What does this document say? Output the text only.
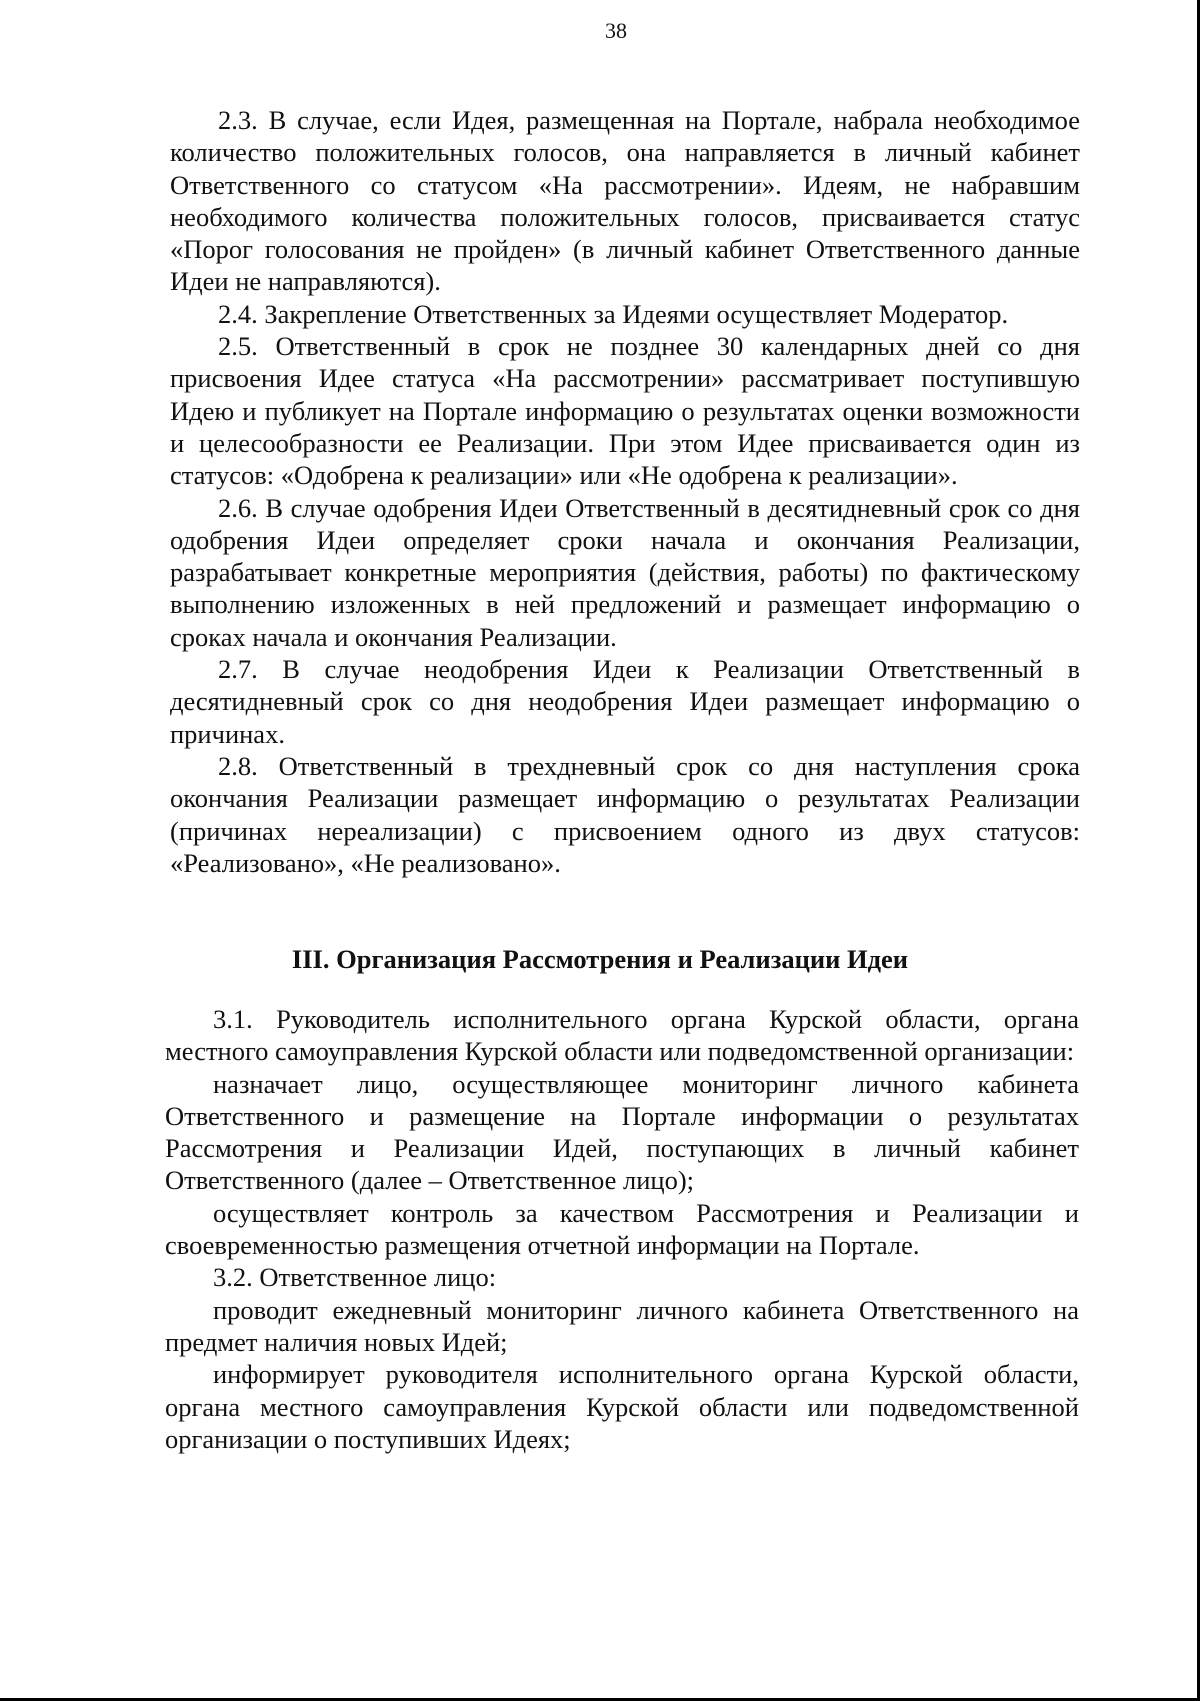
38

2.3. В случае, если Идея, размещенная на Портале, набрала необходимое количество положительных голосов, она направляется в личный кабинет Ответственного со статусом «На рассмотрении». Идеям, не набравшим необходимого количества положительных голосов, присваивается статус «Порог голосования не пройден» (в личный кабинет Ответственного данные Идеи не направляются).

2.4. Закрепление Ответственных за Идеями осуществляет Модератор.

2.5. Ответственный в срок не позднее 30 календарных дней со дня присвоения Идее статуса «На рассмотрении» рассматривает поступившую Идею и публикует на Портале информацию о результатах оценки возможности и целесообразности ее Реализации. При этом Идее присваивается один из статусов: «Одобрена к реализации» или «Не одобрена к реализации».

2.6. В случае одобрения Идеи Ответственный в десятидневный срок со дня одобрения Идеи определяет сроки начала и окончания Реализации, разрабатывает конкретные мероприятия (действия, работы) по фактическому выполнению изложенных в ней предложений и размещает информацию о сроках начала и окончания Реализации.

2.7. В случае неодобрения Идеи к Реализации Ответственный в десятидневный срок со дня неодобрения Идеи размещает информацию о причинах.

2.8. Ответственный в трехдневный срок со дня наступления срока окончания Реализации размещает информацию о результатах Реализации (причинах нереализации) с присвоением одного из двух статусов: «Реализовано», «Не реализовано».

III. Организация Рассмотрения и Реализации Идеи

3.1. Руководитель исполнительного органа Курской области, органа местного самоуправления Курской области или подведомственной организации:

назначает лицо, осуществляющее мониторинг личного кабинета Ответственного и размещение на Портале информации о результатах Рассмотрения и Реализации Идей, поступающих в личный кабинет Ответственного (далее – Ответственное лицо);

осуществляет контроль за качеством Рассмотрения и Реализации и своевременностью размещения отчетной информации на Портале.

3.2. Ответственное лицо:

проводит ежедневный мониторинг личного кабинета Ответственного на предмет наличия новых Идей;

информирует руководителя исполнительного органа Курской области, органа местного самоуправления Курской области или подведомственной организации о поступивших Идеях;
